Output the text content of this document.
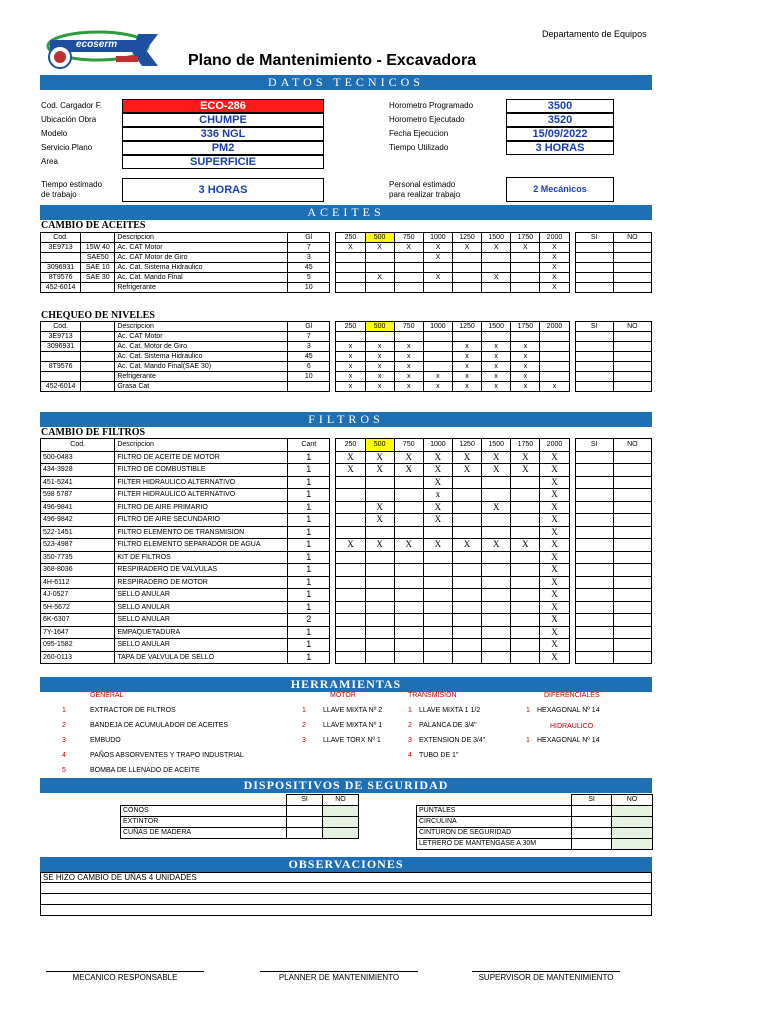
ecoserm
Departamento de Equipos
Plano de Mantenimiento - Excavadora
DATOS TECNICOS
Cod. Cargador F.	ECO-286
Ubicación Obra	CHUMPE
Modelo	336 NGL
Servicio Plano	PM2
Area	SUPERFICIE
Horometro Programado	3500
Horometro Ejecutado	3520
Fecha Ejecucion	15/09/2022
Tiempo Utilizado	3 HORAS
Tiempo estimado
de trabajo	3 HORAS	Personal estimado
para realizar trabajo
2 Mecánicos
ACEITES
CAMBIO DE ACEITES
Cod.		Descripcion	Gl		250	500	750	1000	1250	1500	1750	2000		SI	NO
3E9713	15W 40	Ac. CAT Motor	7		X	X	X	X	X	X	X	X			
	SAE50	Ac. CAT Motor de Giro	3					X				X			
3096931	SAE 10	Ac. Cat. Sistema Hidraulico	45									X			
8T9576	SAE 30	Ac. Cat. Mando Final	5			X		X		X		X			
452-6014		Refrigerante	10									X			
CHEQUEO DE NIVELES
Cod.		Descripcion	Gl		250	500	750	1000	1250	1500	1750	2000		SI	NO
3E9713		Ac. CAT Motor	7												
3096931		Ac. Cat. Motor de Giro	3		x	x	x		x	x	x				
		Ac. Cat. Sistema Hidraulico	45		x	x	x		x	x	x				
8T9576		Ac. Cat. Mando Final(SAE 30)	6		x	x	x		x	x	x				
		Refrigerante	10		x	x	x	x	x	x	x				
452-6014		Grasa Cat			x	x	x	x	x	x	x	x			
FILTROS
CAMBIO DE FILTROS
Cod.	Descripcion	Cant		250	500	750	1000	1250	1500	1750	2000		SI	NO
500-0483	FILTRO DE ACEITE DE MOTOR	1		X	X	X	X	X	X	X	X			
434-3928	FILTRO DE COMBUSTIBLE	1		X	X	X	X	X	X	X	X			
451-5241	FILTER HIDRAULICO ALTERNATIVO	1					X				X			
598 5787	FILTER HIDRAULICO ALTERNATIVO	1					x				X			
496-9841	FILTRO DE AIRE PRIMARIO	1			X		X		X		X			
496-9842	FILTRO DE AIRE SECUNDARIO	1			X		X				X			
522-1451	FILTRO ELEMENTO DE TRANSMISION	1									X			
523-4987	FILTRO ELEMENTO SEPARADOR DE AGUA	1		X	X	X	X	X	X	X	X			
350-7735	KIT DE FILTROS	1									X			
368-8036	RESPIRADERO DE VALVULAS	1									X			
4H-6112	RESPIRADERO DE MOTOR	1									X			
4J-0527	SELLO ANULAR	1									X			
5H-5672	SELLO ANULAR	1									X			
6K-6307	SELLO ANULAR	2									X			
7Y-1647	EMPAQUETADURA	1									X			
095-1582	SELLO ANULAR	1									X			
260-0113	TAPA DE VALVULA DE SELLO	1									X			
HERRAMIENTAS
GENERAL	MOTOR	TRANSMISION	DIFERENCIALES
HIDRAULICO
1	EXTRACTOR DE FILTROS
2	BANDEJA DE ACUMULADOR DE ACEITES
3	EMBUDO
4	PAÑOS ABSORVENTES Y TRAPO INDUSTRIAL
5	BOMBA DE LLENADO DE ACEITE
1 LLAVE MIXTA Nº 2
2 LLAVE MIXTA Nº 1
3 LLAVE TORX Nº 1
1 LLAVE MIXTA 1 1/2
2 PALANCA DE 3/4"
3 EXTENSION DE 3/4"
4 TUBO DE 1"
1 HEXAGONAL Nº 14
1 HEXAGONAL Nº 14
DISPOSITIVOS DE SEGURIDAD
	SI	NO
CONOS		
EXTINTOR		
CUÑAS DE MADERA		
	SI	NO
PUNTALES		
CIRCULINA		
CINTURON DE SEGURIDAD		
LETRERO DE MANTENGASE A 30M		
OBSERVACIONES
SE HIZO CAMBIO DE UÑAS 4 UNIDADES
MECANICO RESPONSABLE	PLANNER DE MANTENIMIENTO	SUPERVISOR DE MANTENIMIENTO
